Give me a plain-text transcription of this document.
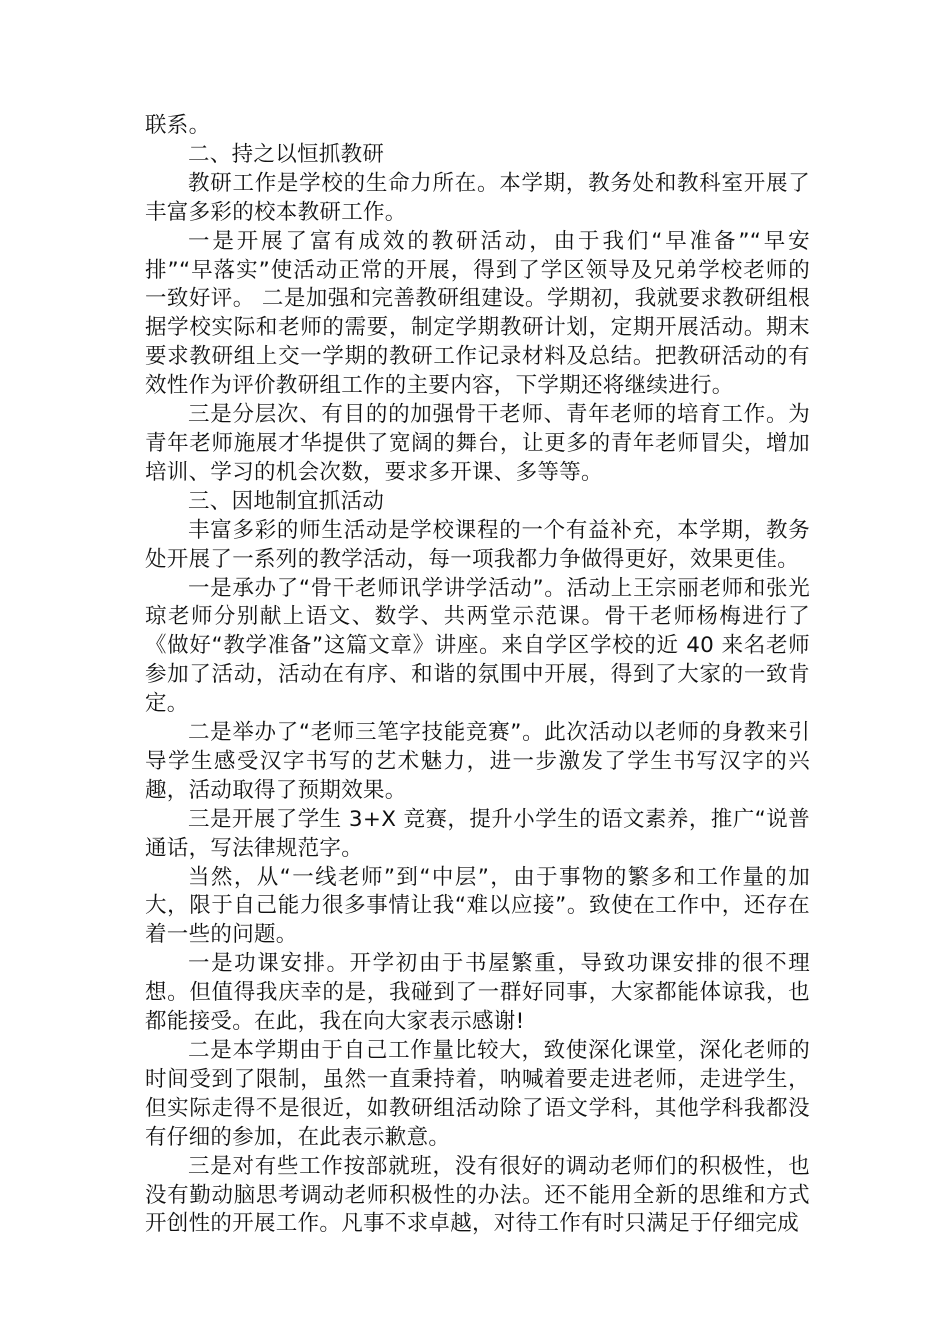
联系。

二、持之以恒抓教研

教研工作是学校的生命力所在。本学期，教务处和教科室开展了丰富多彩的校本教研工作。

一是开展了富有成效的教研活动，由于我们“早准备”“早安排”“早落实”使活动正常的开展，得到了学区领导及兄弟学校老师的一致好评。 二是加强和完善教研组建设。学期初，我就要求教研组根据学校实际和老师的需要，制定学期教研计划，定期开展活动。期末要求教研组上交一学期的教研工作记录材料及总结。把教研活动的有效性作为评价教研组工作的主要内容，下学期还将继续进行。

三是分层次、有目的的加强骨干老师、青年老师的培育工作。为青年老师施展才华提供了宽阔的舞台，让更多的青年老师冒尖，增加培训、学习的机会次数，要求多开课、多等等。

三、因地制宜抓活动

丰富多彩的师生活动是学校课程的一个有益补充，本学期，教务处开展了一系列的教学活动，每一项我都力争做得更好，效果更佳。

一是承办了“骨干老师讯学讲学活动”。活动上王宗丽老师和张光琼老师分别献上语文、数学、共两堂示范课。骨干老师杨梅进行了《做好“教学准备”这篇文章》讲座。来自学区学校的近 40 来名老师参加了活动，活动在有序、和谐的氛围中开展，得到了大家的一致肯定。

二是举办了“老师三笔字技能竞赛”。此次活动以老师的身教来引导学生感受汉字书写的艺术魅力，进一步激发了学生书写汉字的兴趣，活动取得了预期效果。

三是开展了学生 3+X 竞赛，提升小学生的语文素养，推广“说普通话，写法律规范字。

当然，从“一线老师”到“中层”，由于事物的繁多和工作量的加大，限于自己能力很多事情让我“难以应接”。致使在工作中，还存在着一些的问题。

一是功课安排。开学初由于书屋繁重，导致功课安排的很不理想。但值得我庆幸的是，我碰到了一群好同事，大家都能体谅我，也都能接受。在此，我在向大家表示感谢!

二是本学期由于自己工作量比较大，致使深化课堂，深化老师的时间受到了限制，虽然一直秉持着，呐喊着要走进老师，走进学生，但实际走得不是很近，如教研组活动除了语文学科，其他学科我都没有仔细的参加，在此表示歉意。

三是对有些工作按部就班，没有很好的调动老师们的积极性，也没有勤动脑思考调动老师积极性的办法。还不能用全新的思维和方式开创性的开展工作。凡事不求卓越，对待工作有时只满足于仔细完成
